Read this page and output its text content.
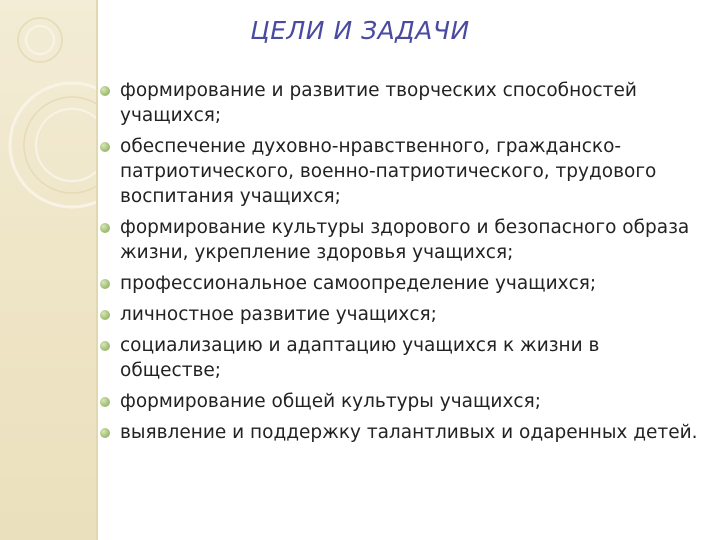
ЦЕЛИ И ЗАДАЧИ
формирование и развитие творческих способностей учащихся;
обеспечение духовно-нравственного, гражданско-патриотического, военно-патриотического, трудового воспитания учащихся;
формирование культуры здорового и безопасного образа жизни, укрепление здоровья учащихся;
профессиональное самоопределение учащихся;
личностное развитие учащихся;
социализацию и адаптацию учащихся к жизни в обществе;
формирование общей культуры учащихся;
выявление и поддержку талантливых и одаренных детей.
